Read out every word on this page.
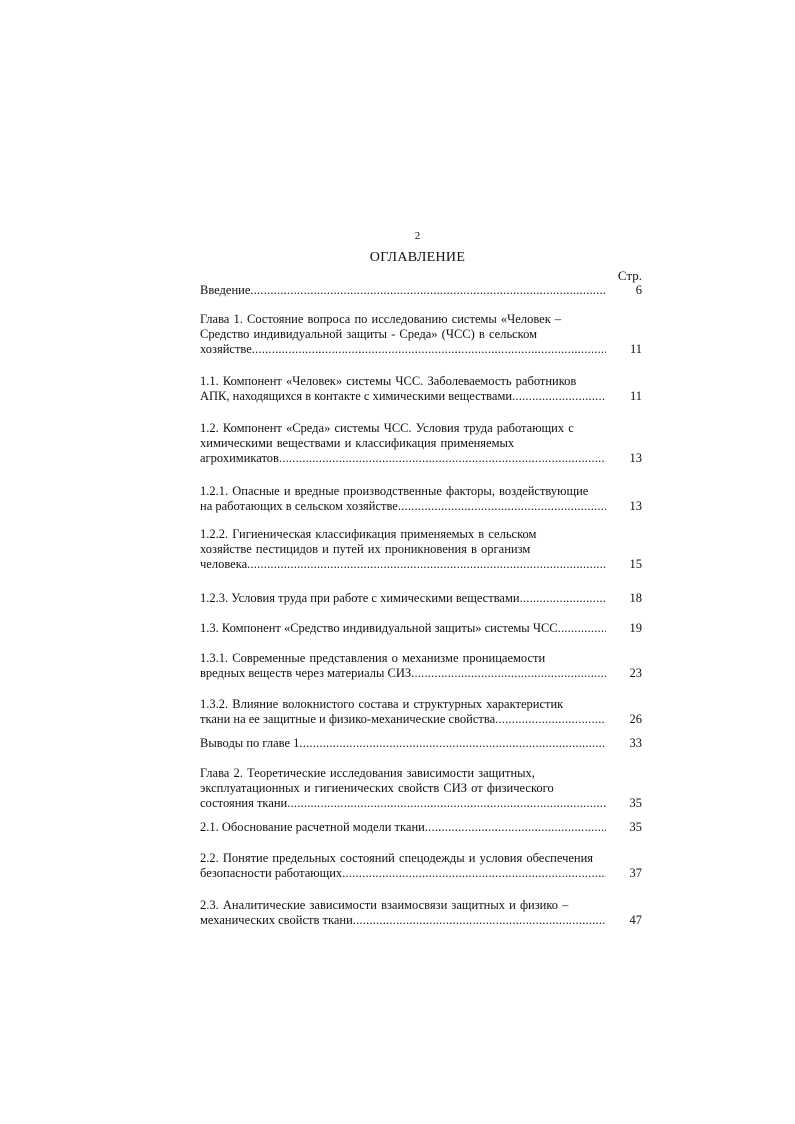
2
ОГЛАВЛЕНИЕ
Стр.
Введение .....	6
Глава 1. Состояние вопроса по исследованию системы «Человек –
Средство индивидуальной защиты - Среда» (ЧСС) в сельском
хозяйстве .....	11
1.1. Компонент «Человек» системы ЧСС. Заболеваемость работников
АПК, находящихся в контакте с химическими веществами .....	11
1.2. Компонент «Среда» системы ЧСС. Условия труда работающих с
химическими веществами и классификация применяемых
агрохимикатов .....	13
1.2.1. Опасные и вредные производственные факторы, воздействующие
на работающих в сельском хозяйстве .....	13
1.2.2. Гигиеническая классификация применяемых в сельском
хозяйстве пестицидов и путей их проникновения в организм
человека .....	15
1.2.3. Условия труда при работе с химическими веществами .....	18
1.3. Компонент «Средство индивидуальной защиты» системы ЧСС .....	19
1.3.1. Современные представления о механизме проницаемости
вредных веществ через материалы СИЗ .....	23
1.3.2. Влияние волокнистого состава и структурных характеристик
ткани на ее защитные и физико-механические свойства .....	26
Выводы по главе 1 .....	33
Глава 2. Теоретические исследования зависимости защитных,
эксплуатационных и гигиенических свойств СИЗ от физического
состояния ткани .....	35
2.1. Обоснование расчетной модели ткани .....	35
2.2. Понятие предельных состояний спецодежды и условия обеспечения
безопасности работающих .....	37
2.3. Аналитические зависимости взаимосвязи защитных и физико –
механических свойств ткани .....	47
